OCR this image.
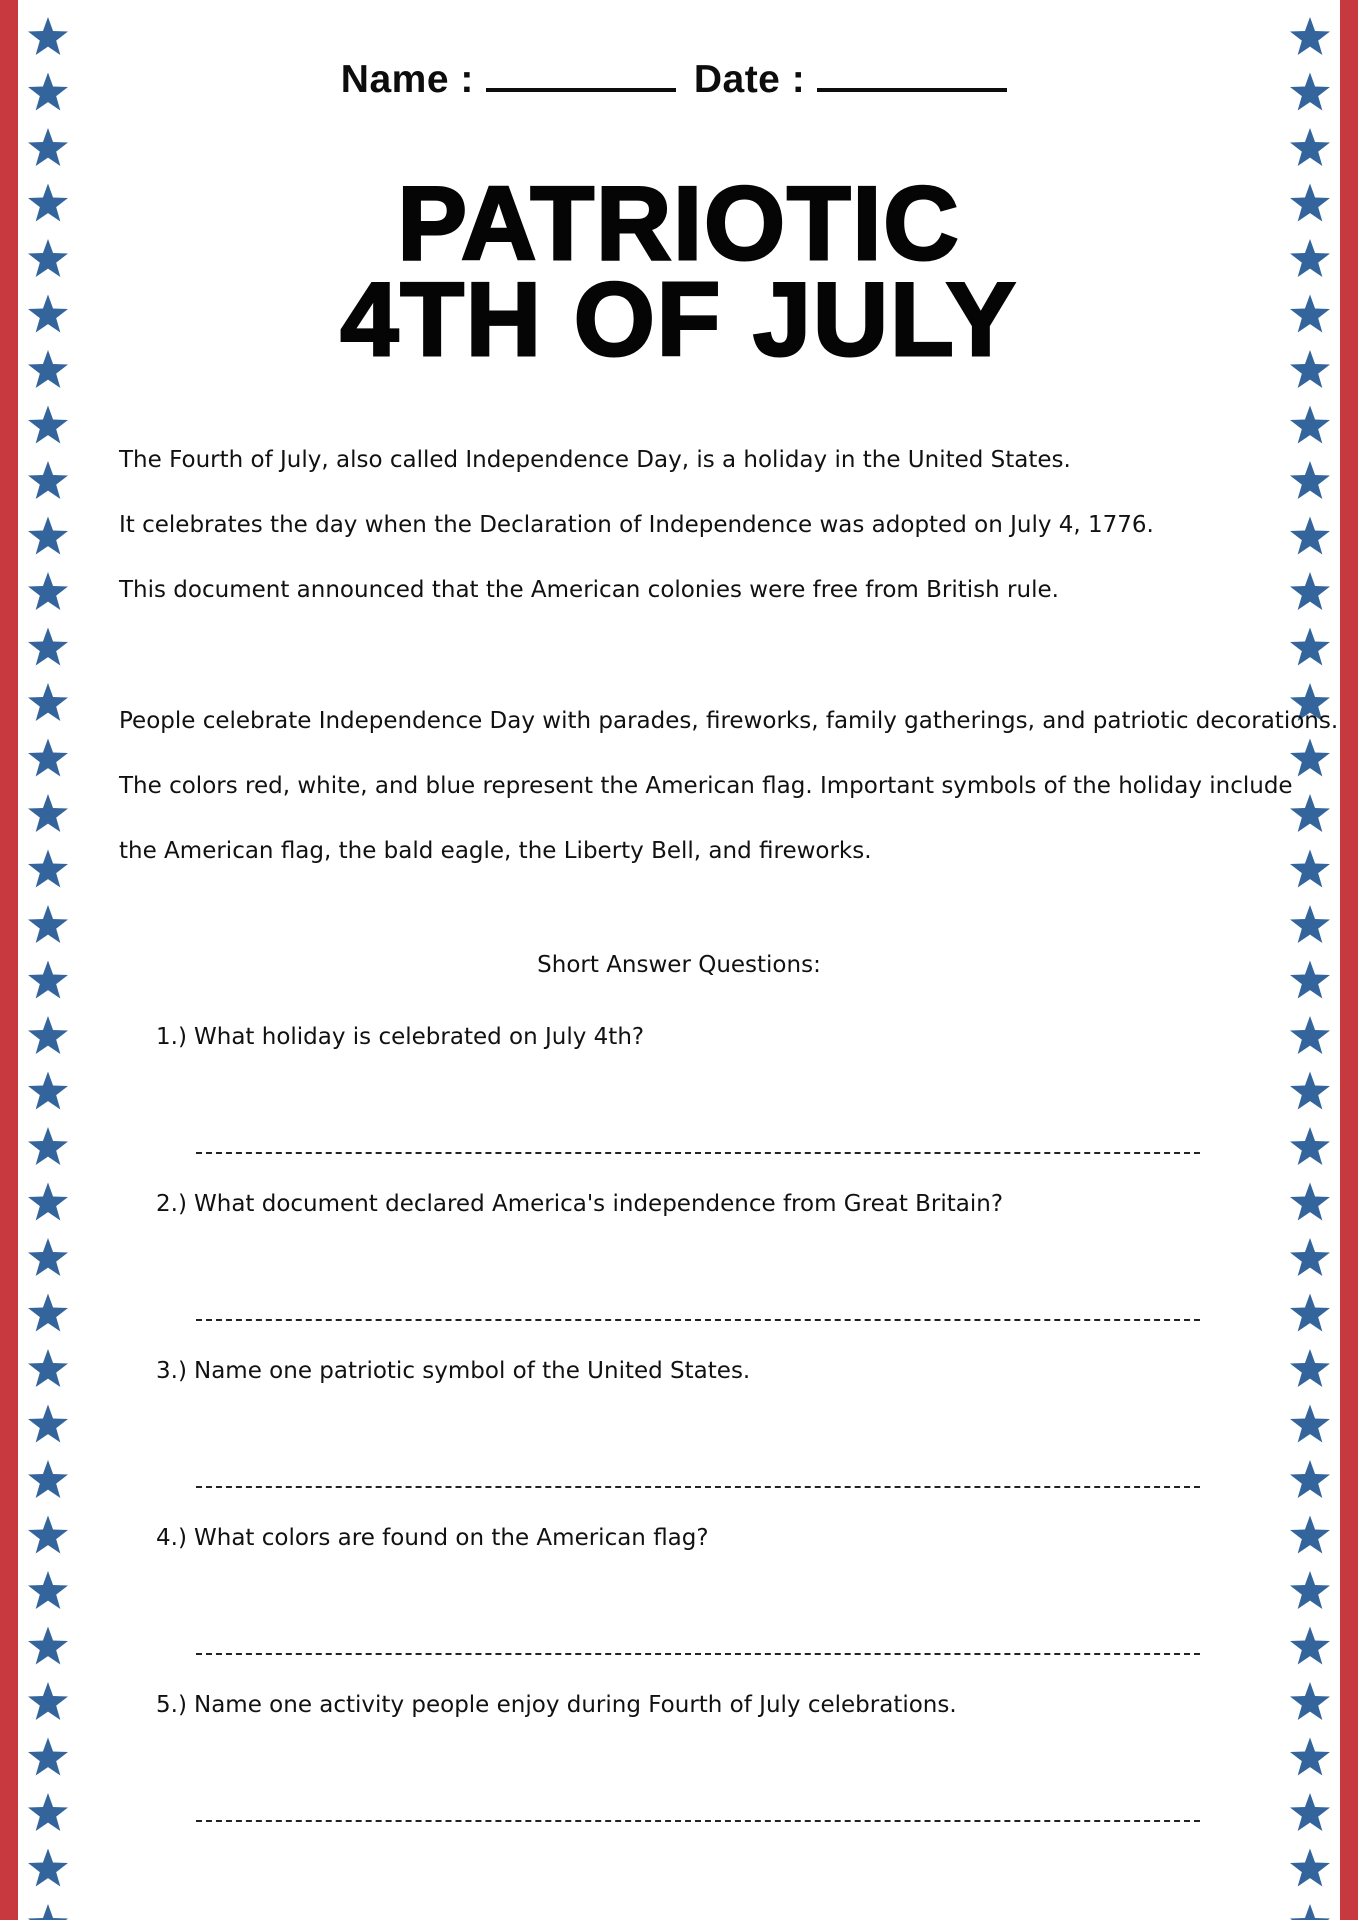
Name :	Date :
PATRIOTIC
4TH OF JULY

The Fourth of July, also called Independence Day, is a holiday in the United States.

It celebrates the day when the Declaration of Independence was adopted on July 4, 1776.

This document announced that the American colonies were free from British rule.

People celebrate Independence Day with parades, fireworks, family gatherings, and patriotic decorations.

The colors red, white, and blue represent the American flag. Important symbols of the holiday include

the American flag, the bald eagle, the Liberty Bell, and fireworks.

Short Answer Questions:
1.) What holiday is celebrated on July 4th?
2.) What document declared America's independence from Great Britain?
3.) Name one patriotic symbol of the United States.
4.) What colors are found on the American flag?
5.) Name one activity people enjoy during Fourth of July celebrations.
